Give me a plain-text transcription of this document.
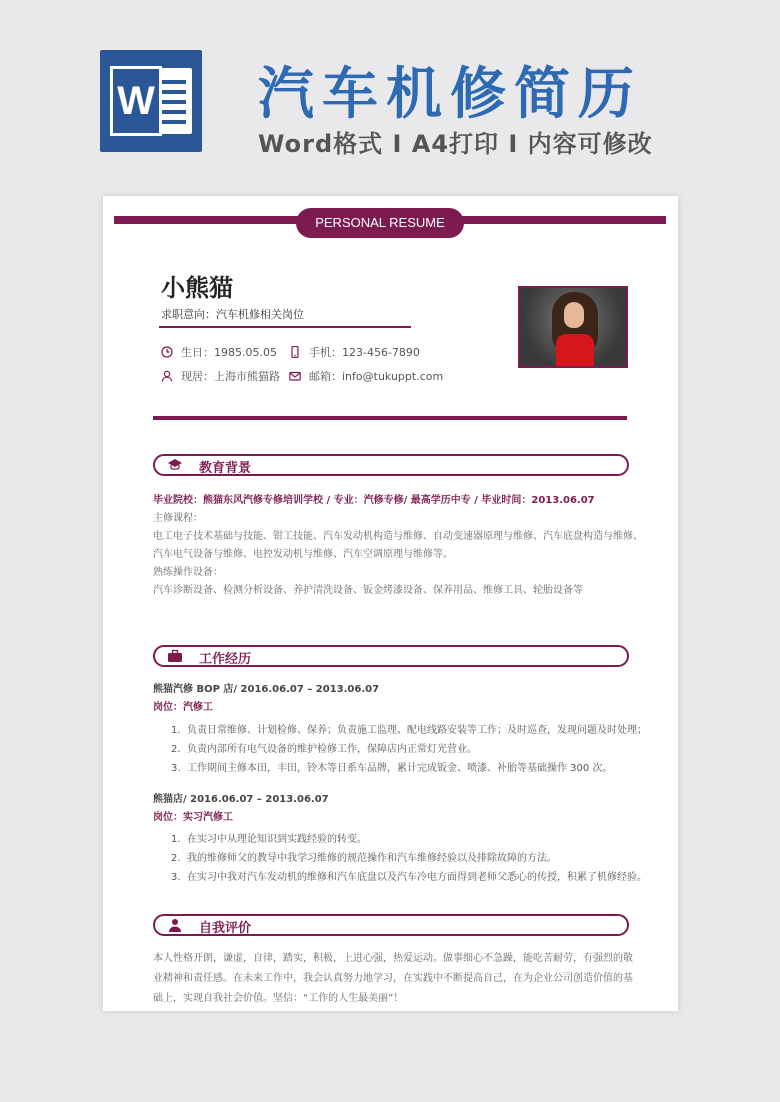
W 汽车机修简历
Word格式 I A4打印 I 内容可修改
PERSONAL RESUME
小熊猫
求职意向：汽车机修相关岗位
生日：1985.05.05	手机：123-456-7890
现居：上海市熊猫路	邮箱：info@tukuppt.com
教育背景
毕业院校：熊猫东风汽修专修培训学校 / 专业：汽修专修/ 最高学历中专 / 毕业时间：2013.06.07
主修课程：
电工电子技术基础与技能、钳工技能、汽车发动机构造与维修、自动变速器原理与维修、汽车底盘构造与维修、
汽车电气设备与维修、电控发动机与维修、汽车空调原理与维修等。
熟练操作设备：
汽车诊断设备、检测分析设备、养护清洗设备、钣金烤漆设备、保养用品、维修工具、轮胎设备等
工作经历
熊猫汽修 BOP 店/ 2016.06.07 – 2013.06.07
岗位：汽修工
1. 负责日常维修、计划检修、保养；负责施工监理、配电线路安装等工作；及时巡查，发现问题及时处理；
2. 负责内部所有电气设备的维护检修工作，保障店内正常灯光营业。
3. 工作期间主修本田，丰田，铃木等日系车品牌，累计完成钣金、喷漆、补胎等基础操作 300 次。
熊猫店/ 2016.06.07 – 2013.06.07
岗位：实习汽修工
1. 在实习中从理论知识到实践经验的转变。
2. 我的维修师父的教导中我学习维修的规范操作和汽车维修经验以及排除故障的方法。
3. 在实习中我对汽车发动机的维修和汽车底盘以及汽车冷电方面得到老师父悉心的传授，积累了机修经验。
自我评价
本人性格开朗，谦虚，自律，踏实，积极，上进心强，热爱运动。做事细心不急躁，能吃苦耐劳，有强烈的敬
业精神和责任感。在未来工作中，我会认真努力地学习，在实践中不断提高自己，在为企业公司创造价值的基
础上，实现自我社会价值。坚信：“工作的人生最美丽”！
